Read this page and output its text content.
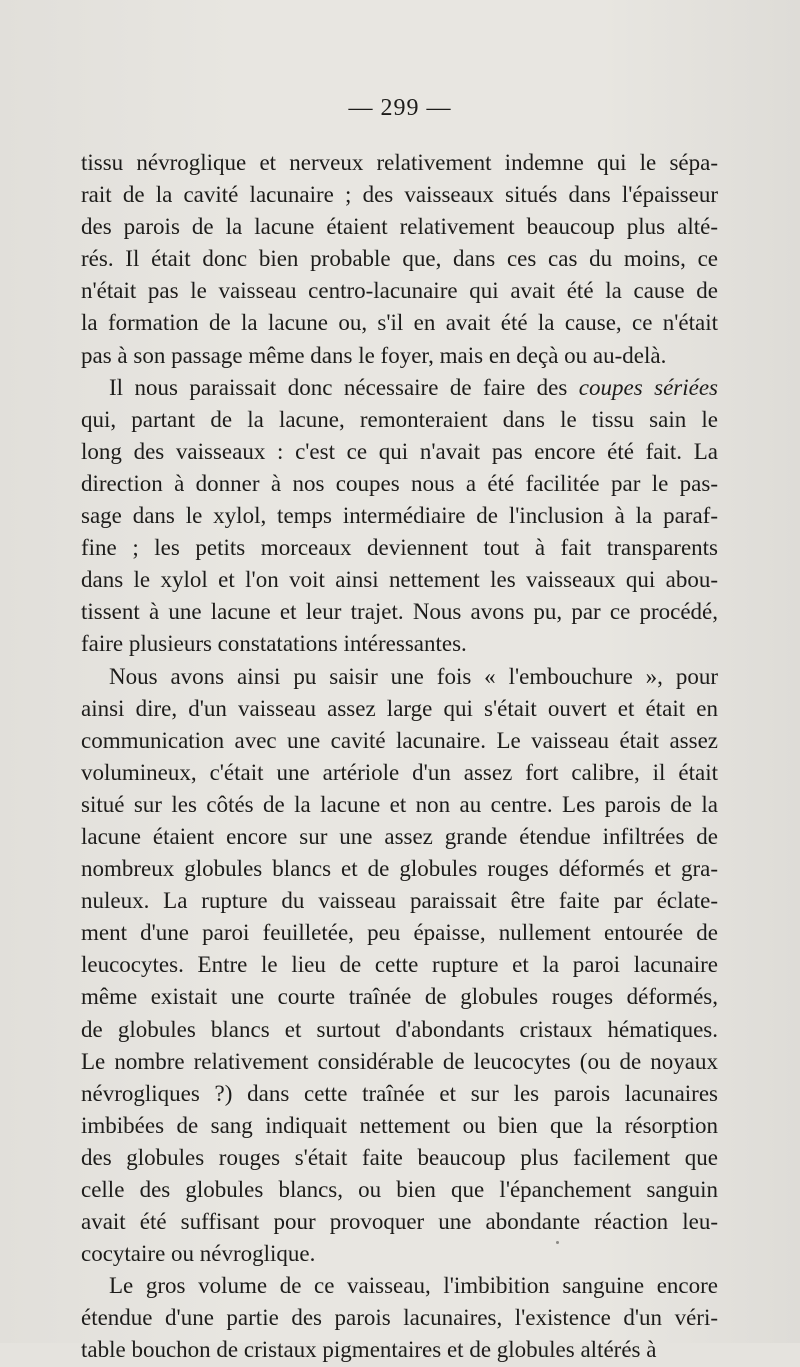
— 299 —
tissu névroglique et nerveux relativement indemne qui le sépa-
rait de la cavité lacunaire ; des vaisseaux situés dans l'épaisseur
des parois de la lacune étaient relativement beaucoup plus alté-
rés. Il était donc bien probable que, dans ces cas du moins, ce
n'était pas le vaisseau centro-lacunaire qui avait été la cause de
la formation de la lacune ou, s'il en avait été la cause, ce n'était
pas à son passage même dans le foyer, mais en deçà ou au-delà.
Il nous paraissait donc nécessaire de faire des coupes sériées
qui, partant de la lacune, remonteraient dans le tissu sain le
long des vaisseaux : c'est ce qui n'avait pas encore été fait. La
direction à donner à nos coupes nous a été facilitée par le pas-
sage dans le xylol, temps intermédiaire de l'inclusion à la paraf-
fine ; les petits morceaux deviennent tout à fait transparents
dans le xylol et l'on voit ainsi nettement les vaisseaux qui abou-
tissent à une lacune et leur trajet. Nous avons pu, par ce procédé,
faire plusieurs constatations intéressantes.
Nous avons ainsi pu saisir une fois « l'embouchure », pour
ainsi dire, d'un vaisseau assez large qui s'était ouvert et était en
communication avec une cavité lacunaire. Le vaisseau était assez
volumineux, c'était une artériole d'un assez fort calibre, il était
situé sur les côtés de la lacune et non au centre. Les parois de la
lacune étaient encore sur une assez grande étendue infiltrées de
nombreux globules blancs et de globules rouges déformés et gra-
nuleux. La rupture du vaisseau paraissait être faite par éclate-
ment d'une paroi feuilletée, peu épaisse, nullement entourée de
leucocytes. Entre le lieu de cette rupture et la paroi lacunaire
même existait une courte traînée de globules rouges déformés,
de globules blancs et surtout d'abondants cristaux hématiques.
Le nombre relativement considérable de leucocytes (ou de noyaux
névrogliques ?) dans cette traînée et sur les parois lacunaires
imbibées de sang indiquait nettement ou bien que la résorption
des globules rouges s'était faite beaucoup plus facilement que
celle des globules blancs, ou bien que l'épanchement sanguin
avait été suffisant pour provoquer une abondante réaction leu-
cocytaire ou névroglique.
Le gros volume de ce vaisseau, l'imbibition sanguine encore
étendue d'une partie des parois lacunaires, l'existence d'un véri-
table bouchon de cristaux pigmentaires et de globules altérés à
